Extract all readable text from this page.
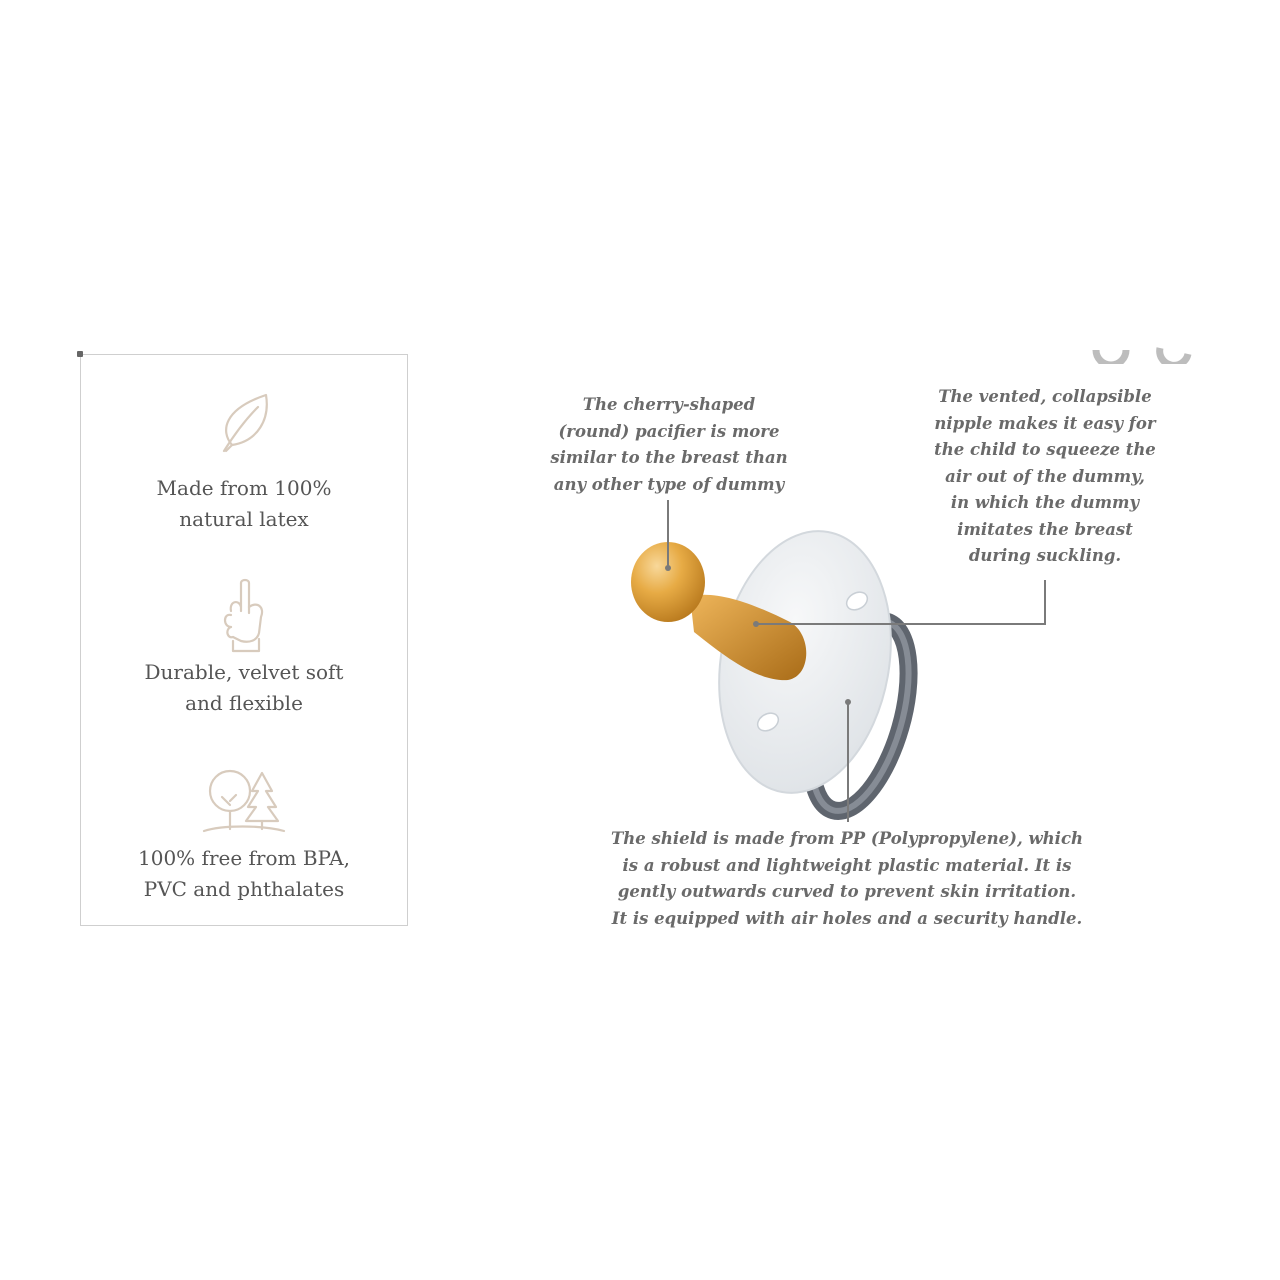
Made from 100%
natural latex
Durable, velvet soft
and flexible
100% free from BPA,
PVC and phthalates
The cherry-shaped
(round) pacifier is more
similar to the breast than
any other type of dummy
The vented, collapsible
nipple makes it easy for
the child to squeeze the
air out of the dummy,
in which the dummy
imitates the breast
during suckling.
The shield is made from PP (Polypropylene), which
is a robust and lightweight plastic material. It is
gently outwards curved to prevent skin irritation.
It is equipped with air holes and a security handle.
